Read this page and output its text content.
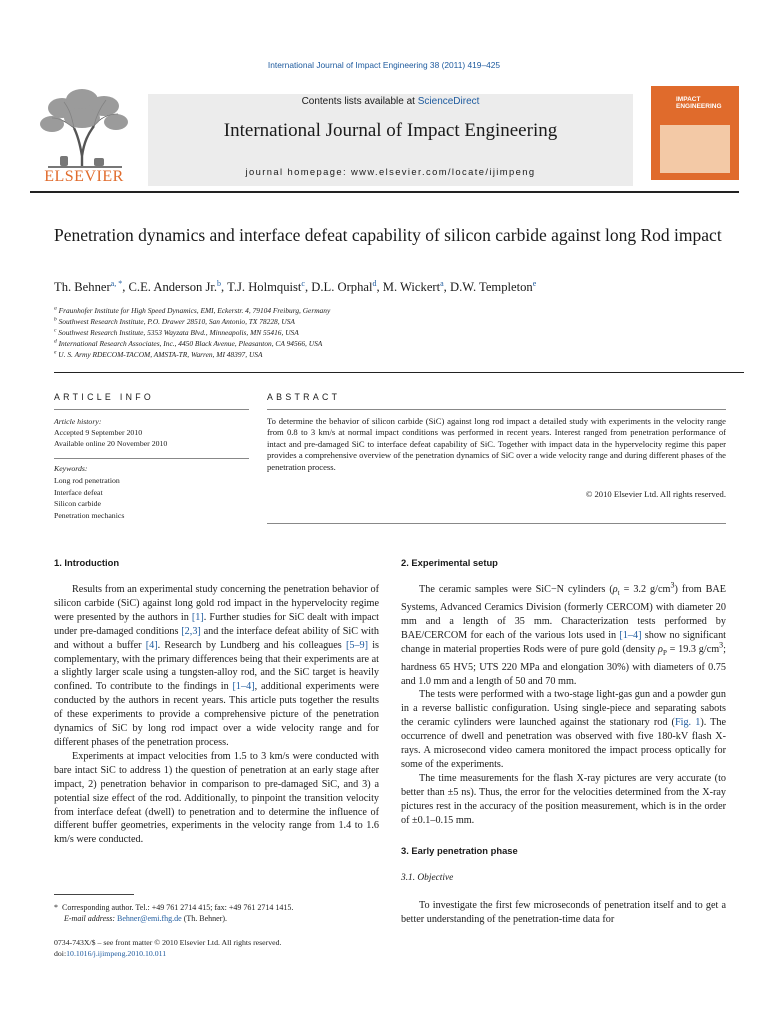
International Journal of Impact Engineering 38 (2011) 419–425
ELSEVIER
Contents lists available at ScienceDirect
International Journal of Impact Engineering
journal homepage: www.elsevier.com/locate/ijimpeng
IMPACT ENGINEERING
Penetration dynamics and interface defeat capability of silicon carbide against long Rod impact
Th. Behner$^{a, *}$, C.E. Anderson Jr.$^b$, T.J. Holmquist$^c$, D.L. Orphal$^d$, M. Wickert$^a$, D.W. Templeton$^e$
$^a$ Fraunhofer Institute for High Speed Dynamics, EMI, Eckerstr. 4, 79104 Freiburg, Germany
$^b$ Southwest Research Institute, P.O. Drawer 28510, San Antonio, TX 78228, USA
$^c$ Southwest Research Institute, 5353 Wayzata Blvd., Minneapolis, MN 55416, USA
$^d$ International Research Associates, Inc., 4450 Black Avenue, Pleasanton, CA 94566, USA
$^e$ U. S. Army RDECOM-TACOM, AMSTA-TR, Warren, MI 48397, USA
ARTICLE INFO	ABSTRACT
Article history:
Accepted 9 September 2010
Available online 20 November 2010
Keywords:
Long rod penetration
Interface defeat
Silicon carbide
Penetration mechanics
To determine the behavior of silicon carbide (SiC) against long rod impact a detailed study with experiments in the velocity range from 0.8 to 3 km/s at normal impact conditions was performed in recent years. Interest ranged from penetration performance of intact and pre-damaged SiC to interface defeat capability of SiC. Together with impact data in the hypervelocity regime this paper provides a comprehensive overview of the penetration dynamics of SiC over a wide velocity range and during different phases of the penetration process.
© 2010 Elsevier Ltd. All rights reserved.
1. Introduction

Results from an experimental study concerning the penetration behavior of silicon carbide (SiC) against long gold rod impact in the hypervelocity regime were presented by the authors in [1]. Further studies for SiC dealt with impact under pre-damaged conditions [2,3] and the interface defeat ability of SiC with and without a buffer [4]. Research by Lundberg and his colleagues [5–9] is complementary, with the primary differences being that their experiments are at a slightly larger scale using a tungsten-alloy rod, and the SiC target is heavily confined. To contribute to the findings in [1–4], additional experiments were conducted by the authors in recent years. This article puts together the results of these experiments to provide a comprehensive picture of the penetration dynamics of SiC by long rod impact over a wide velocity range and for different phases of the penetration process.

Experiments at impact velocities from 1.5 to 3 km/s were conducted with bare intact SiC to address 1) the question of penetration at an early stage after impact, 2) penetration behavior in comparison to pre-damaged SiC, and 3) a potential size effect of the rod. Additionally, to pinpoint the transition velocity from interface defeat (dwell) to penetration and to determine the influence of different buffer geometries, experiments in the velocity range from 1.4 to 1.6 km/s were conducted.

* Corresponding author. Tel.: +49 761 2714 415; fax: +49 761 2714 1415.
E-mail address: Behner@emi.fhg.de (Th. Behner).
0734-743X/$ – see front matter © 2010 Elsevier Ltd. All rights reserved.
doi:10.1016/j.ijimpeng.2010.10.011
2. Experimental setup

The ceramic samples were SiC−N cylinders ($\rho_t = 3.2$ $g/cm^3$) from BAE Systems, Advanced Ceramics Division (formerly CERCOM) with diameter 20 mm and a length of 35 mm. Characterization tests performed by BAE/CERCOM for each of the various lots used in [1–4] show no significant change in material properties Rods were of pure gold (density $\rho_P = 19.3$ $g/cm^3$; hardness 65 HV5; UTS 220 MPa and elongation 30%) with diameters of 0.75 and 1.0 mm and a length of 50 and 70 mm.

The tests were performed with a two-stage light-gas gun and a powder gun in a reverse ballistic configuration. Using single-piece and separating sabots the ceramic cylinders were launched against the stationary rod (Fig. 1). The occurrence of dwell and penetration was observed with five 180-kV flash X-rays. A microsecond video camera monitored the impact process optically for some of the experiments.

The time measurements for the flash X-ray pictures are very accurate (to better than ±5 ns). Thus, the error for the velocities determined from the X-ray pictures rest in the accuracy of the position measurement, which is in the order of ±0.1–0.15 mm.

3. Early penetration phase
3.1. Objective

To investigate the first few microseconds of penetration itself and to get a better understanding of the penetration-time data for
